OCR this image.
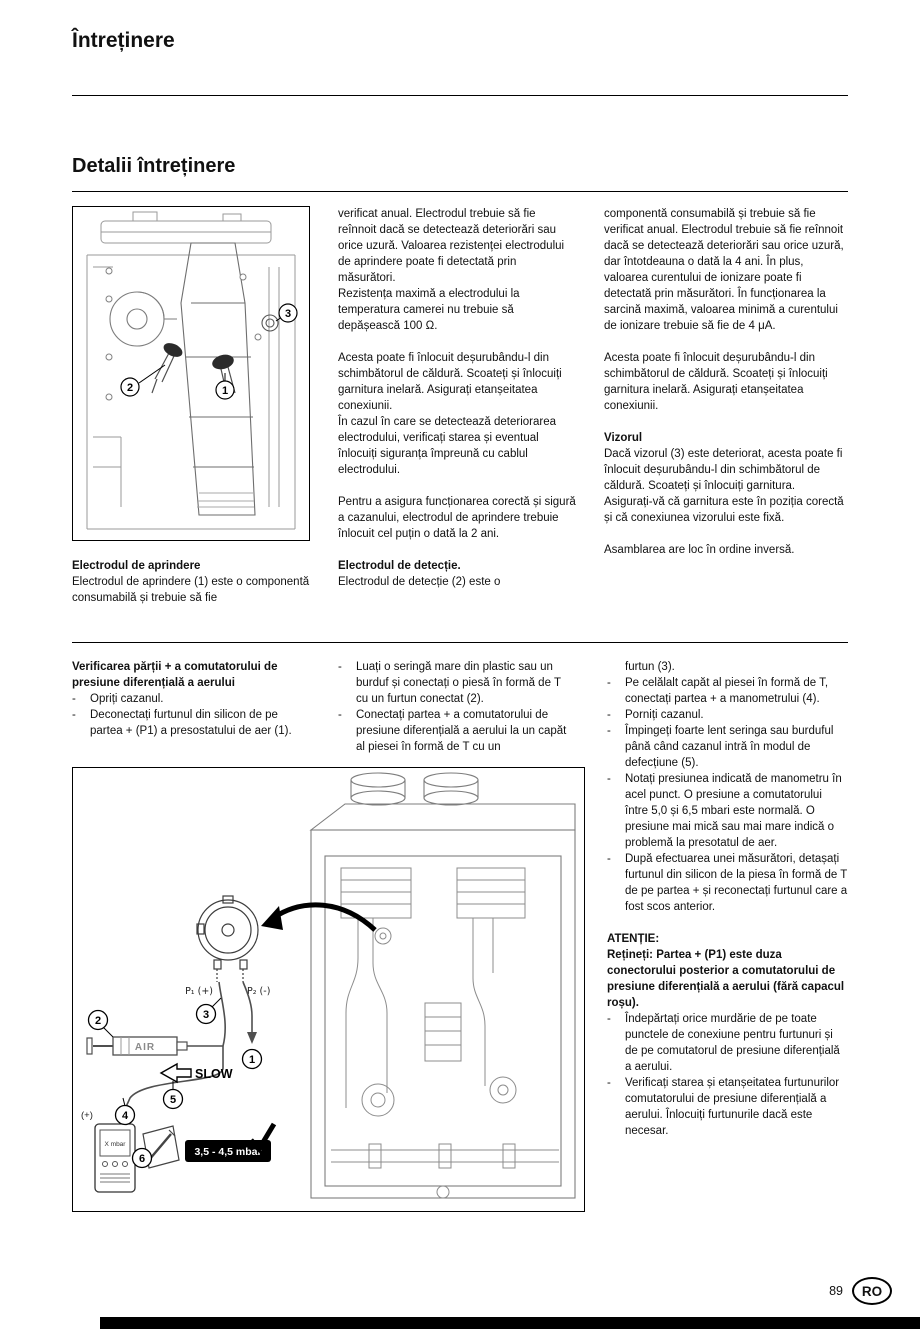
Întreținere
Detalii întreținere
1
2
3

Electrodul de aprindere

Electrodul de aprindere (1) este o componentă consumabilă și trebuie să fie

verificat anual. Electrodul trebuie să fie reînnoit dacă se detectează deteriorări sau orice uzură. Valoarea rezistenței electrodului de aprindere poate fi detectată prin măsurători.

Rezistența maximă a electrodului la temperatura camerei nu trebuie să depășească 100 Ω.

Acesta poate fi înlocuit deșurubându-l din schimbătorul de căldură. Scoateți și înlocuiți garnitura inelară. Asigurați etanșeitatea conexiunii.

În cazul în care se detectează deteriorarea electrodului, verificați starea și eventual înlocuiți siguranța împreună cu cablul electrodului.

Pentru a asigura funcționarea corectă și sigură a cazanului, electrodul de aprindere trebuie înlocuit cel puțin o dată la 2 ani.

Electrodul de detecție.

Electrodul de detecție (2) este o

componentă consumabilă și trebuie să fie verificat anual. Electrodul trebuie să fie reînnoit dacă se detectează deteriorări sau orice uzură, dar întotdeauna o dată la 4 ani. În plus, valoarea curentului de ionizare poate fi detectată prin măsurători. În funcționarea la sarcină maximă, valoarea minimă a curentului de ionizare trebuie să fie de 4 μA.

Acesta poate fi înlocuit deșurubându-l din schimbătorul de căldură. Scoateți și înlocuiți garnitura inelară. Asigurați etanșeitatea conexiunii.

Vizorul

Dacă vizorul (3) este deteriorat, acesta poate fi înlocuit deșurubându-l din schimbătorul de căldură. Scoateți și înlocuiți garnitura. Asigurați-vă că garnitura este în poziția corectă și că conexiunea vizorului este fixă.

Asamblarea are loc în ordine inversă.

Verificarea părții + a comutatorului de presiune diferențială a aerului

-	Opriți cazanul.
-	Deconectați furtunul din silicon de pe partea + (P1) a presostatului de aer (1).
-	Luați o seringă mare din plastic sau un burduf și conectați o piesă în formă de T cu un furtun conectat (2).
-	Conectați partea + a comutatorului de presiune diferențială a aerului la un capăt al piesei în formă de T cu un
P₁ (+)	P₂ (-)
AIR
SLOW
(+)
X mbar
3,5 - 4,5 mbar
3
1
2
5
4
6
furtun (3).
-	Pe celălalt capăt al piesei în formă de T, conectați partea + a manometrului (4).
-	Porniți cazanul.
-	Împingeți foarte lent seringa sau burduful până când cazanul intră în modul de defecțiune (5).
-	Notați presiunea indicată de manometru în acel punct. O presiune a comutatorului între 5,0 și 6,5 mbari este normală. O presiune mai mică sau mai mare indică o problemă la presotatul de aer.
-	După efectuarea unei măsurători, detașați furtunul din silicon de la piesa în formă de T de pe partea + și reconectați furtunul care a fost scos anterior.

ATENȚIE:

Rețineți: Partea + (P1) este duza conectorului posterior a comutatorului de presiune diferențială a aerului (fără capacul roșu).

-	Îndepărtați orice murdărie de pe toate punctele de conexiune pentru furtunuri și de pe comutatorul de presiune diferențială a aerului.
-	Verificați starea și etanșeitatea furtunurilor comutatorului de presiune diferențială a aerului. Înlocuiți furtunurile dacă este necesar.
89	RO
